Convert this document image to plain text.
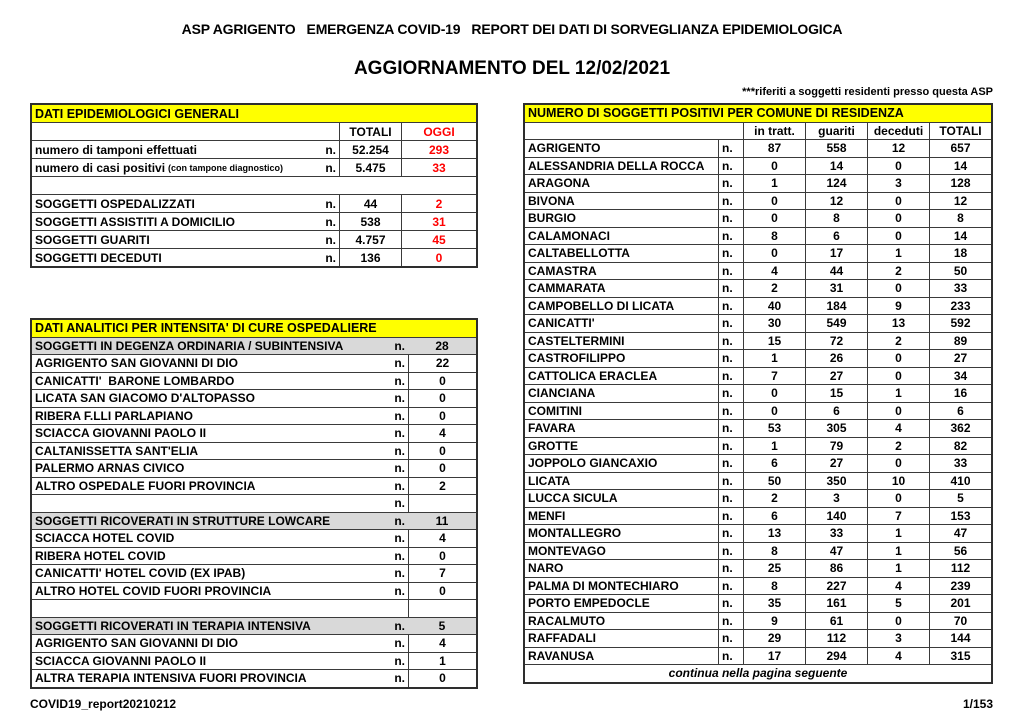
ASP AGRIGENTO   EMERGENZA COVID-19   REPORT DEI DATI DI SORVEGLIANZA EPIDEMIOLOGICA
AGGIORNAMENTO DEL 12/02/2021
***riferiti a soggetti residenti presso questa ASP
DATI EPIDEMIOLOGICI GENERALI
TOTALI	OGGI
numero di tamponi effettuati	n.	52.254	293
numero di casi positivi (con tampone diagnostico)	n.	5.475	33
SOGGETTI OSPEDALIZZATI	n.	44	2
SOGGETTI ASSISTITI A DOMICILIO	n.	538	31
SOGGETTI GUARITI	n.	4.757	45
SOGGETTI DECEDUTI	n.	136	0
DATI ANALITICI PER INTENSITA' DI CURE OSPEDALIERE
SOGGETTI IN DEGENZA ORDINARIA / SUBINTENSIVA	n.	28
AGRIGENTO SAN GIOVANNI DI DIO	n.	22
CANICATTI'  BARONE LOMBARDO	n.	0
LICATA SAN GIACOMO D'ALTOPASSO	n.	0
RIBERA F.LLI PARLAPIANO	n.	0
SCIACCA GIOVANNI PAOLO II	n.	4
CALTANISSETTA SANT'ELIA	n.	0
PALERMO ARNAS CIVICO	n.	0
ALTRO OSPEDALE FUORI PROVINCIA	n.	2
n.
SOGGETTI RICOVERATI IN STRUTTURE LOWCARE	n.	11
SCIACCA HOTEL COVID	n.	4
RIBERA HOTEL COVID	n.	0
CANICATTI' HOTEL COVID (EX IPAB)	n.	7
ALTRO HOTEL COVID FUORI PROVINCIA	n.	0
SOGGETTI RICOVERATI IN TERAPIA INTENSIVA	n.	5
AGRIGENTO SAN GIOVANNI DI DIO	n.	4
SCIACCA GIOVANNI PAOLO II	n.	1
ALTRA TERAPIA INTENSIVA FUORI PROVINCIA	n.	0
NUMERO DI SOGGETTI POSITIVI PER COMUNE DI RESIDENZA
in tratt.	guariti	deceduti	TOTALI
AGRIGENTO	n.	87	558	12	657
ALESSANDRIA DELLA ROCCA	n.	0	14	0	14
ARAGONA	n.	1	124	3	128
BIVONA	n.	0	12	0	12
BURGIO	n.	0	8	0	8
CALAMONACI	n.	8	6	0	14
CALTABELLOTTA	n.	0	17	1	18
CAMASTRA	n.	4	44	2	50
CAMMARATA	n.	2	31	0	33
CAMPOBELLO DI LICATA	n.	40	184	9	233
CANICATTI'	n.	30	549	13	592
CASTELTERMINI	n.	15	72	2	89
CASTROFILIPPO	n.	1	26	0	27
CATTOLICA ERACLEA	n.	7	27	0	34
CIANCIANA	n.	0	15	1	16
COMITINI	n.	0	6	0	6
FAVARA	n.	53	305	4	362
GROTTE	n.	1	79	2	82
JOPPOLO GIANCAXIO	n.	6	27	0	33
LICATA	n.	50	350	10	410
LUCCA SICULA	n.	2	3	0	5
MENFI	n.	6	140	7	153
MONTALLEGRO	n.	13	33	1	47
MONTEVAGO	n.	8	47	1	56
NARO	n.	25	86	1	112
PALMA DI MONTECHIARO	n.	8	227	4	239
PORTO EMPEDOCLE	n.	35	161	5	201
RACALMUTO	n.	9	61	0	70
RAFFADALI	n.	29	112	3	144
RAVANUSA	n.	17	294	4	315
continua nella pagina seguente
COVID19_report20210212	1/153
